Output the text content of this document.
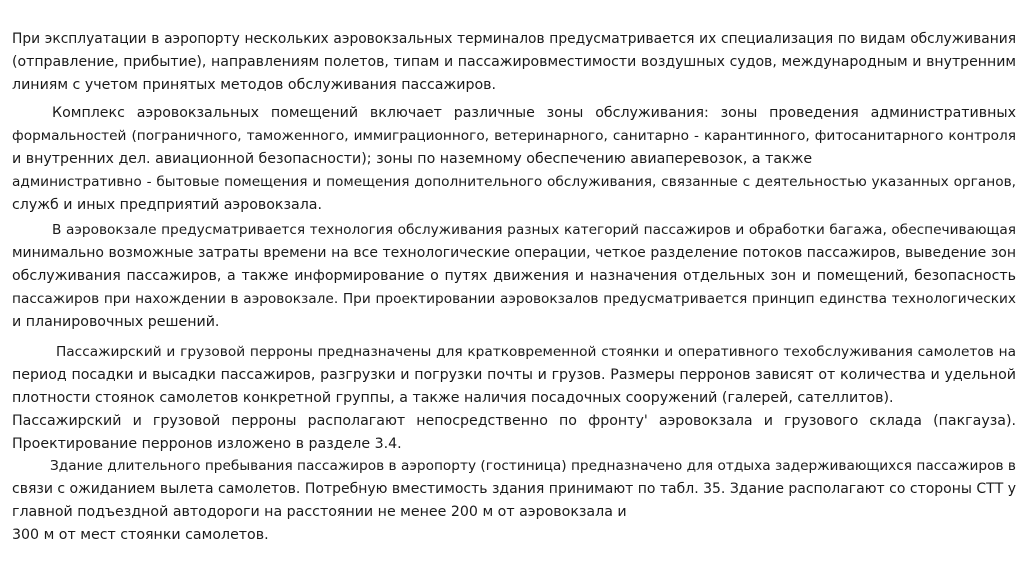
При эксплуатации в аэропорту нескольких аэровокзальных терминалов предусматривается их специализация по видам обслуживания
(отправление, прибытие), направлениям полетов, типам и пассажировместимости воздушных судов, международным и внутренним
линиям с учетом принятых методов обслуживания пассажиров.
Комплекс аэровокзальных помещений включает различные зоны обслуживания: зоны проведения административных
формальностей (пограничного, таможенного, иммиграционного, ветеринарного, санитарно - карантинного, фитосанитарного контроля
и внутренних дел. авиационной безопасности); зоны по наземному обеспечению авиаперевозок, а также
административно - бытовые помещения и помещения дополнительного обслуживания, связанные с деятельностью указанных органов,
служб и иных предприятий аэровокзала.
В аэровокзале предусматривается технология обслуживания разных категорий пассажиров и обработки багажа, обеспечивающая
минимально возможные затраты времени на все технологические операции, четкое разделение потоков пассажиров, выведение зон
обслуживания пассажиров, а также информирование о путях движения и назначения отдельных зон и помещений, безопасность
пассажиров при нахождении в аэровокзале. При проектировании аэровокзалов предусматривается принцип единства технологических
и планировочных решений.
Пассажирский и грузовой перроны предназначены для кратковременной стоянки и оперативного техобслуживания самолетов на
период посадки и высадки пассажиров, разгрузки и погрузки почты и грузов. Размеры перронов зависят от количества и удельной
плотности стоянок самолетов конкретной группы, а также наличия посадочных сооружений (галерей, сателлитов).
Пассажирский и грузовой перроны располагают непосредственно по фронту' аэровокзала и грузового склада (пакгауза).
Проектирование перронов изложено в разделе 3.4.
Здание длительного пребывания пассажиров в аэропорту (гостиница) предназначено для отдыха задерживающихся пассажиров в
связи с ожиданием вылета самолетов. Потребную вместимость здания принимают по табл. 35. Здание располагают со стороны СТТ у
главной подъездной автодороги на расстоянии не менее 200 м от аэровокзала и
300 м от мест стоянки самолетов.
